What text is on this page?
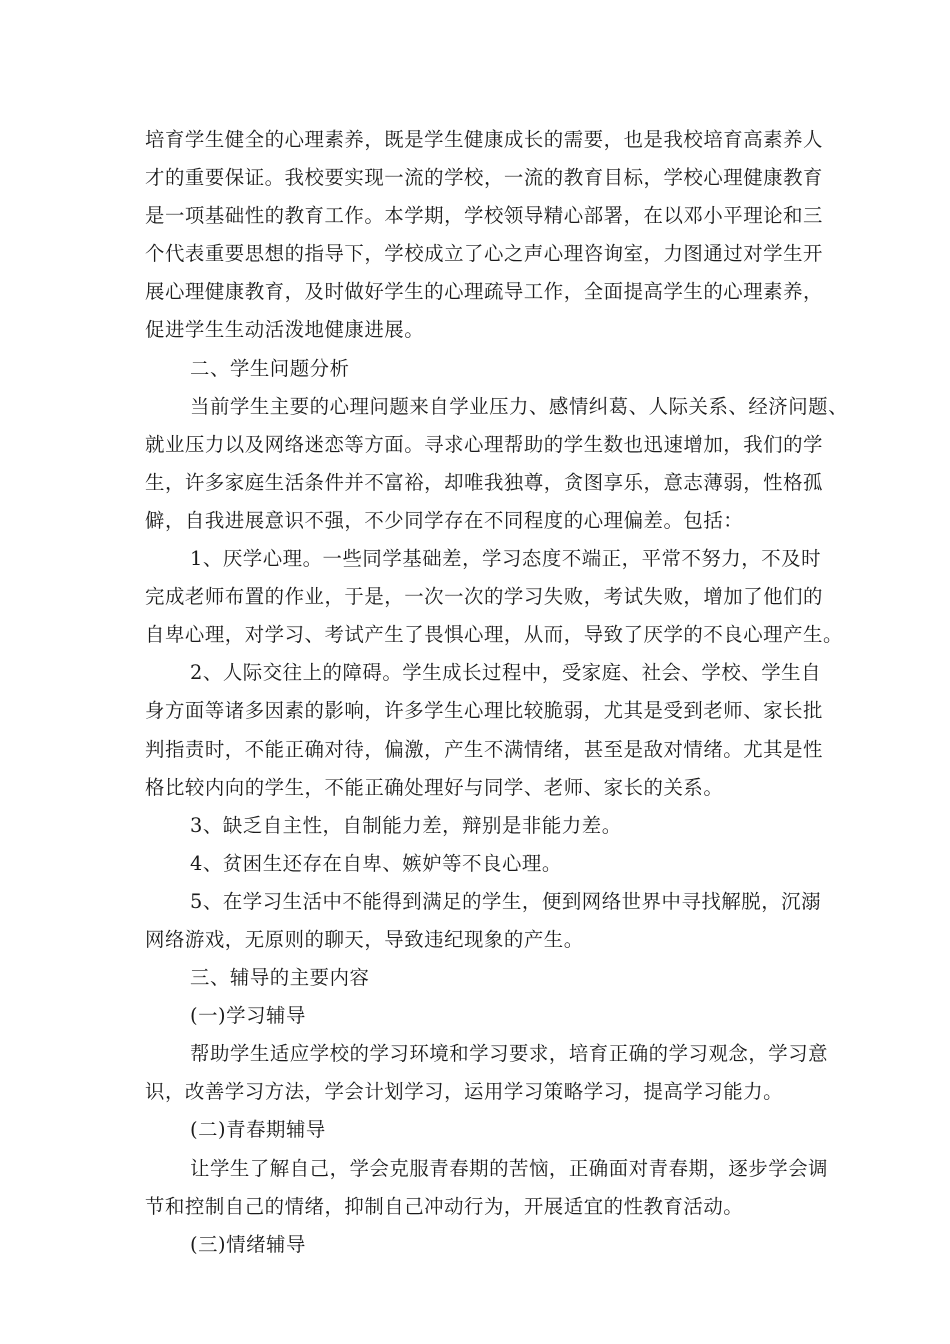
培育学生健全的心理素养，既是学生健康成长的需要，也是我校培育高素养人
才的重要保证。我校要实现一流的学校，一流的教育目标，学校心理健康教育
是一项基础性的教育工作。本学期，学校领导精心部署，在以邓小平理论和三
个代表重要思想的指导下，学校成立了心之声心理咨询室，力图通过对学生开
展心理健康教育，及时做好学生的心理疏导工作，全面提高学生的心理素养，
促进学生生动活泼地健康进展。
二、学生问题分析
当前学生主要的心理问题来自学业压力、感情纠葛、人际关系、经济问题、
就业压力以及网络迷恋等方面。寻求心理帮助的学生数也迅速增加，我们的学
生，许多家庭生活条件并不富裕，却唯我独尊，贪图享乐，意志薄弱，性格孤
僻，自我进展意识不强，不少同学存在不同程度的心理偏差。包括：
1、厌学心理。一些同学基础差，学习态度不端正，平常不努力，不及时
完成老师布置的作业，于是，一次一次的学习失败，考试失败，增加了他们的
自卑心理，对学习、考试产生了畏惧心理，从而，导致了厌学的不良心理产生。
2、人际交往上的障碍。学生成长过程中，受家庭、社会、学校、学生自
身方面等诸多因素的影响，许多学生心理比较脆弱，尤其是受到老师、家长批
判指责时，不能正确对待，偏激，产生不满情绪，甚至是敌对情绪。尤其是性
格比较内向的学生，不能正确处理好与同学、老师、家长的关系。
3、缺乏自主性，自制能力差，辩别是非能力差。
4、贫困生还存在自卑、嫉妒等不良心理。
5、在学习生活中不能得到满足的学生，便到网络世界中寻找解脱，沉溺
网络游戏，无原则的聊天，导致违纪现象的产生。
三、辅导的主要内容
(一)学习辅导
帮助学生适应学校的学习环境和学习要求，培育正确的学习观念，学习意
识，改善学习方法，学会计划学习，运用学习策略学习，提高学习能力。
(二)青春期辅导
让学生了解自己，学会克服青春期的苦恼，正确面对青春期，逐步学会调
节和控制自己的情绪，抑制自己冲动行为，开展适宜的性教育活动。
(三)情绪辅导
